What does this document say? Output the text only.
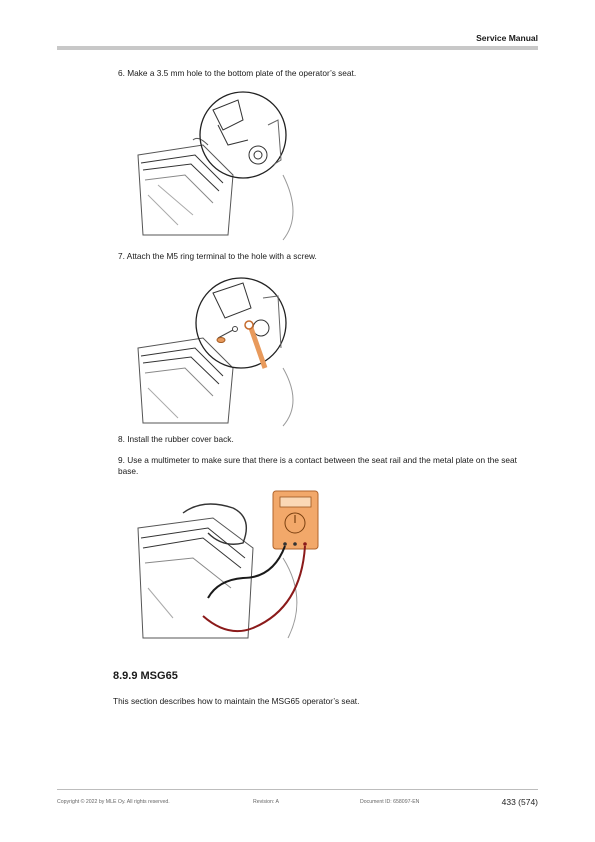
Service Manual
6. Make a 3.5 mm hole to the bottom plate of the operator’s seat.
7. Attach the M5 ring terminal to the hole with a screw.
8. Install the rubber cover back.
9. Use a multimeter to make sure that there is a contact between the seat rail and the metal plate on the seat base.
8.9.9 MSG65
This section describes how to maintain the MSG65 operator’s seat.
Copyright © 2022 by MLE Oy. All rights reserved.	Revision: A	Document ID: 658097-EN	433 (574)
